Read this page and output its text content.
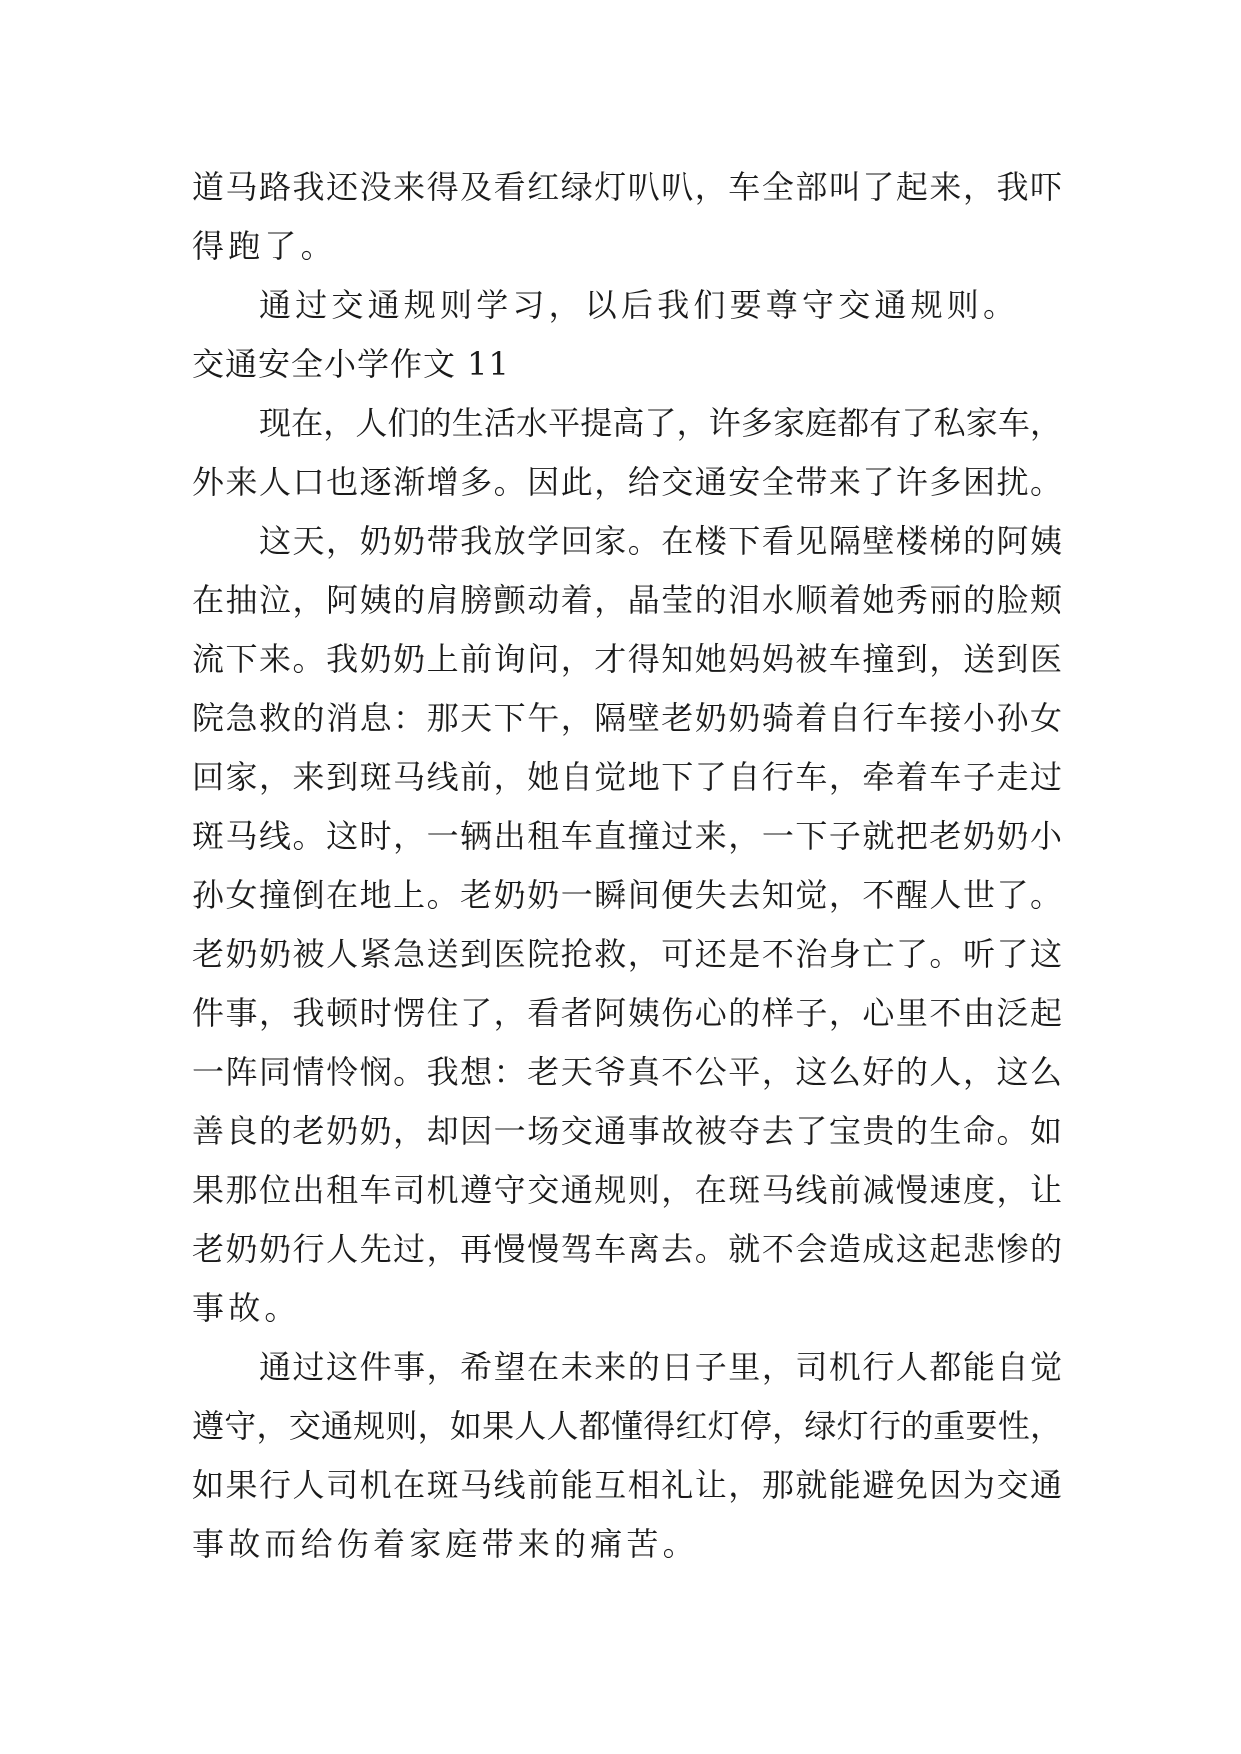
道马路我还没来得及看红绿灯叭叭，车全部叫了起来，我吓
得跑了。
通过交通规则学习，以后我们要尊守交通规则。
交通安全小学作文 11
现在，人们的生活水平提高了，许多家庭都有了私家车，
外来人口也逐渐增多。因此，给交通安全带来了许多困扰。
这天，奶奶带我放学回家。在楼下看见隔壁楼梯的阿姨
在抽泣，阿姨的肩膀颤动着，晶莹的泪水顺着她秀丽的脸颊
流下来。我奶奶上前询问，才得知她妈妈被车撞到，送到医
院急救的消息：那天下午，隔壁老奶奶骑着自行车接小孙女
回家，来到斑马线前，她自觉地下了自行车，牵着车子走过
斑马线。这时，一辆出租车直撞过来，一下子就把老奶奶小
孙女撞倒在地上。老奶奶一瞬间便失去知觉，不醒人世了。
老奶奶被人紧急送到医院抢救，可还是不治身亡了。听了这
件事，我顿时愣住了，看者阿姨伤心的样子，心里不由泛起
一阵同情怜悯。我想：老天爷真不公平，这么好的人，这么
善良的老奶奶，却因一场交通事故被夺去了宝贵的生命。如
果那位出租车司机遵守交通规则，在斑马线前减慢速度，让
老奶奶行人先过，再慢慢驾车离去。就不会造成这起悲惨的
事故。
通过这件事，希望在未来的日子里，司机行人都能自觉
遵守，交通规则，如果人人都懂得红灯停，绿灯行的重要性，
如果行人司机在斑马线前能互相礼让，那就能避免因为交通
事故而给伤着家庭带来的痛苦。
